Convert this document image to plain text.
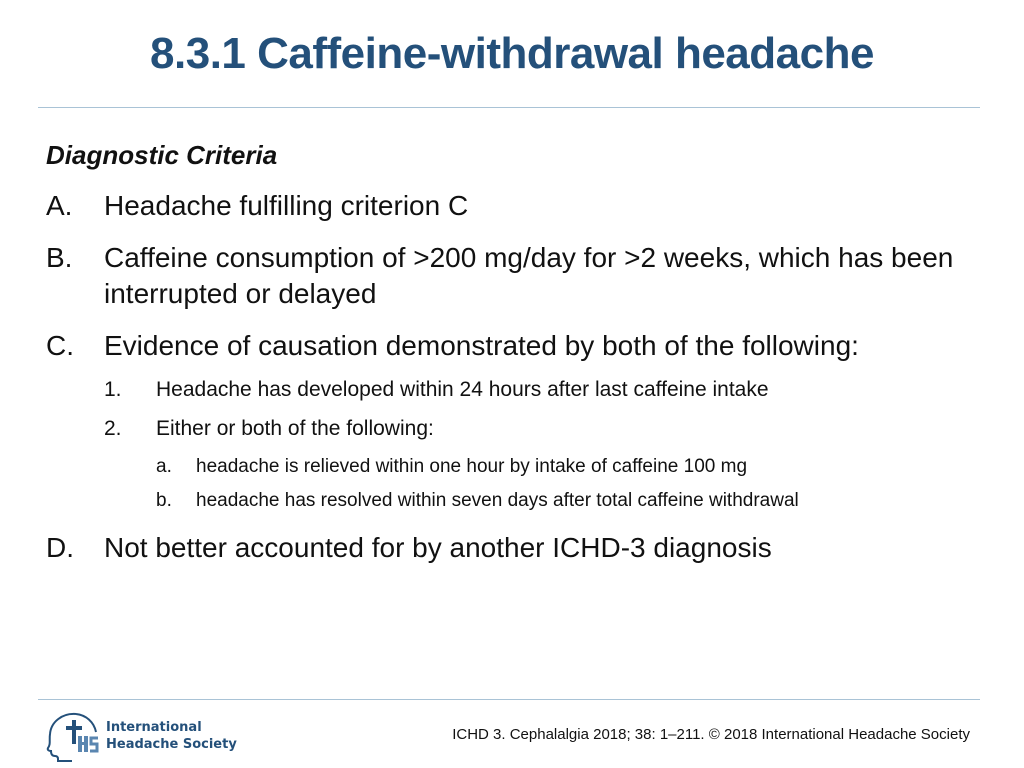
8.3.1 Caffeine-withdrawal headache
Diagnostic Criteria
A.	Headache fulfilling criterion C
B.	Caffeine consumption of >200 mg/day for >2 weeks, which has been interrupted or delayed
C.	Evidence of causation demonstrated by both of the following:
1.	Headache has developed within 24 hours after last caffeine intake
2.	Either or both of the following:
a.	headache is relieved within one hour by intake of caffeine 100 mg
b.	headache has resolved within seven days after total caffeine withdrawal
D.	Not better accounted for by another ICHD-3 diagnosis
International
Headache Society
ICHD 3. Cephalalgia 2018; 38: 1–211. © 2018 International Headache Society
